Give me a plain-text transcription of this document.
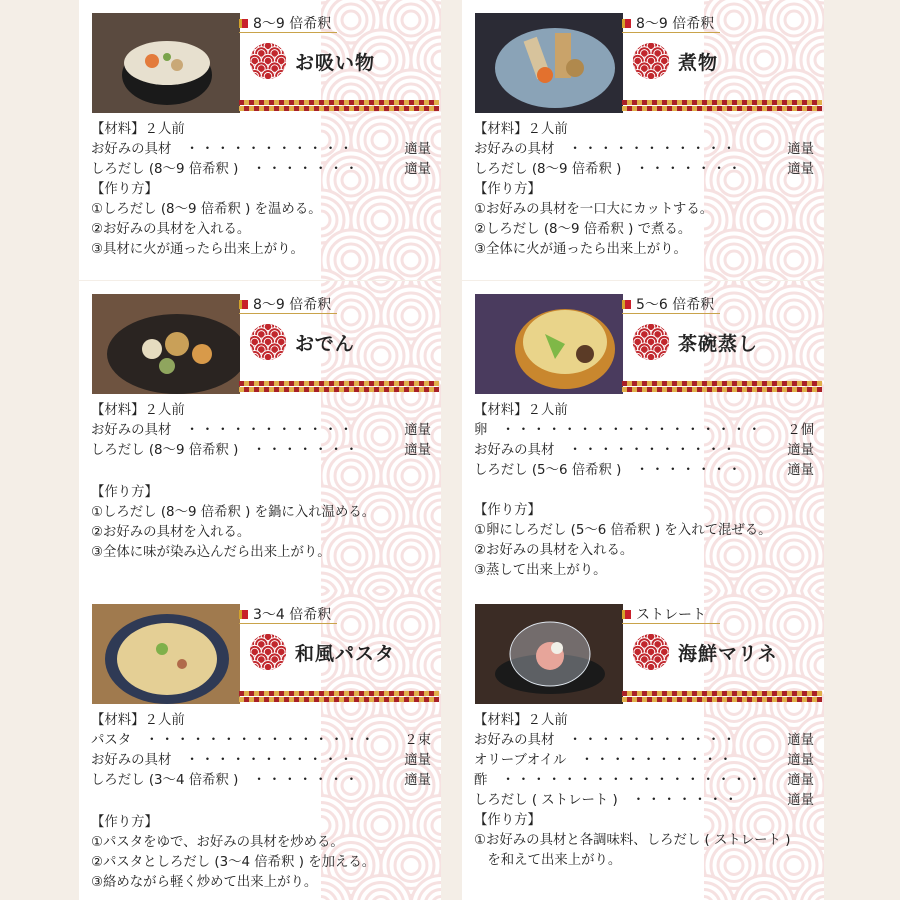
8〜9 倍希釈
お吸い物
【材料】２人前
お好みの具材 ・・・・・・・・・・・	適量
しろだし (8〜9 倍希釈 ) ・・・・・・・	適量
【作り方】
①しろだし (8〜9 倍希釈 ) を温める。
②お好みの具材を入れる。
③具材に火が通ったら出来上がり。
8〜9 倍希釈
煮物
【材料】２人前
お好みの具材 ・・・・・・・・・・・	適量
しろだし (8〜9 倍希釈 ) ・・・・・・・	適量
【作り方】
①お好みの具材を一口大にカットする。
②しろだし (8〜9 倍希釈 ) で煮る。
③全体に火が通ったら出来上がり。
8〜9 倍希釈
おでん
【材料】２人前
お好みの具材 ・・・・・・・・・・・	適量
しろだし (8〜9 倍希釈 ) ・・・・・・・	適量
【作り方】
①しろだし (8〜9 倍希釈 ) を鍋に入れ温める。
②お好みの具材を入れる。
③全体に味が染み込んだら出来上がり。
5〜6 倍希釈
茶碗蒸し
【材料】２人前
卵 ・・・・・・・・・・・・・・・・・	２個
お好みの具材 ・・・・・・・・・・・	適量
しろだし (5〜6 倍希釈 ) ・・・・・・・	適量
【作り方】
①卵にしろだし (5〜6 倍希釈 ) を入れて混ぜる。
②お好みの具材を入れる。
③蒸して出来上がり。
3〜4 倍希釈
和風パスタ
【材料】２人前
パスタ ・・・・・・・・・・・・・・・	２束
お好みの具材 ・・・・・・・・・・・	適量
しろだし (3〜4 倍希釈 ) ・・・・・・・	適量
【作り方】
①パスタをゆで、お好みの具材を炒める。
②パスタとしろだし (3〜4 倍希釈 ) を加える。
③絡めながら軽く炒めて出来上がり。
ストレート
海鮮マリネ
【材料】２人前
お好みの具材 ・・・・・・・・・・・	適量
オリーブオイル ・・・・・・・・・・	適量
酢 ・・・・・・・・・・・・・・・・・	適量
しろだし ( ストレート ) ・・・・・・・	適量
【作り方】
①お好みの具材と各調味料、しろだし ( ストレート )
　を和えて出来上がり。
